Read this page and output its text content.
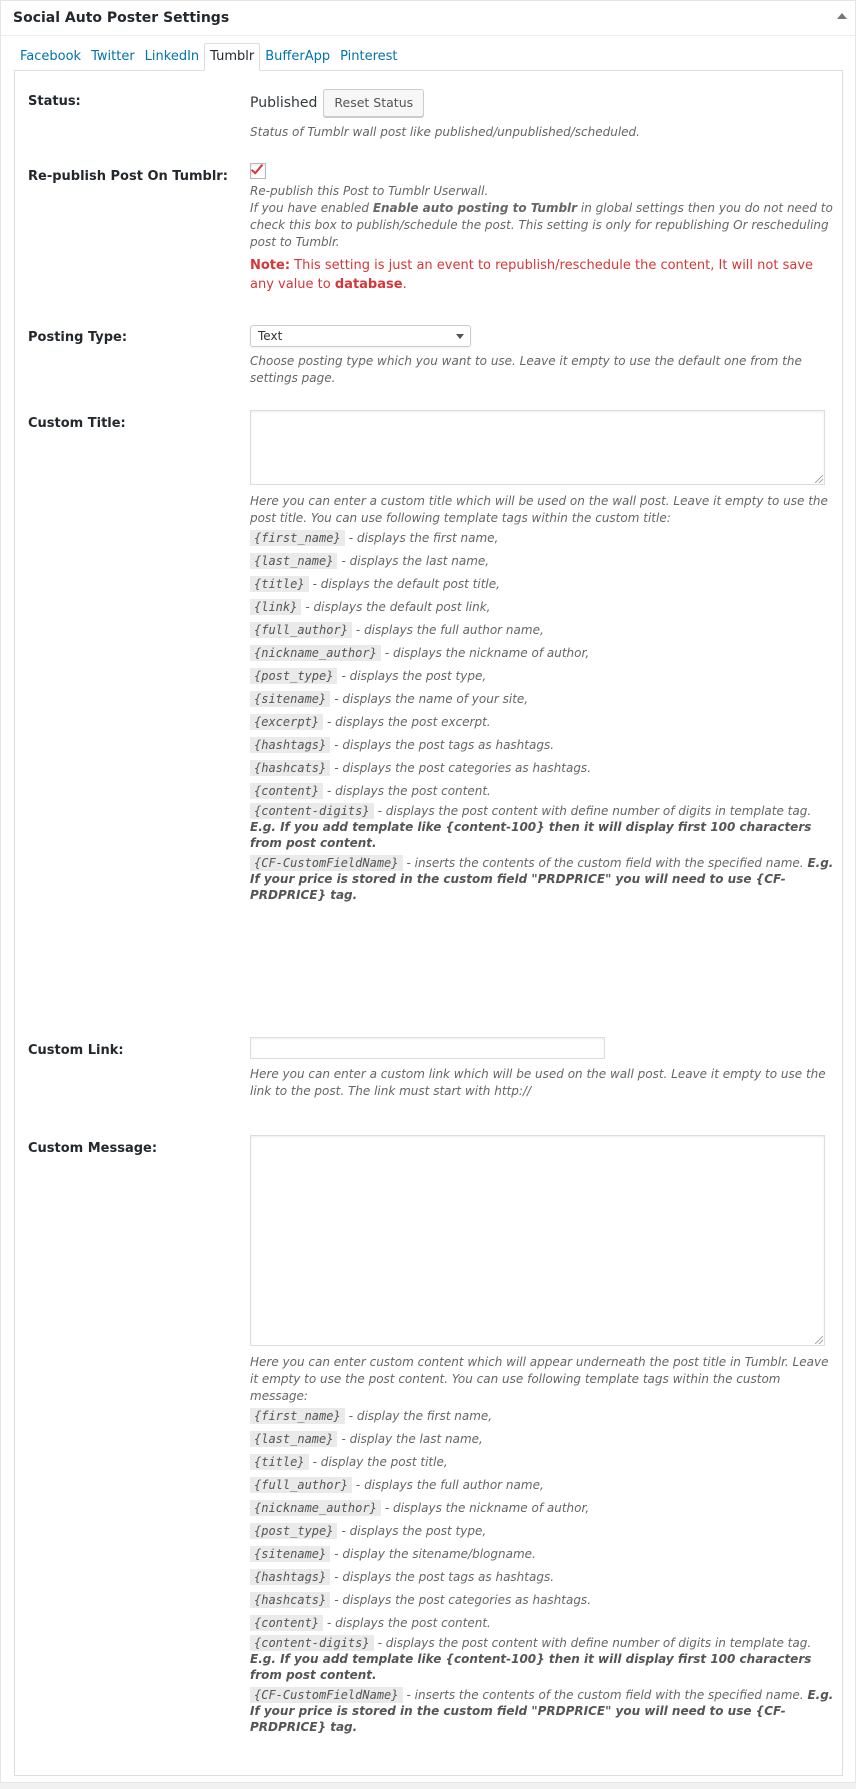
Social Auto Poster Settings
Facebook Twitter LinkedIn Tumblr BufferApp Pinterest
Status:	Published Reset Status
Status of Tumblr wall post like published/unpublished/scheduled.
Re-publish Post On Tumblr:
Re-publish this Post to Tumblr Userwall.
If you have enabled Enable auto posting to Tumblr in global settings then you do not need to check this box to publish/schedule the post. This setting is only for republishing Or rescheduling post to Tumblr.
Note: This setting is just an event to republish/reschedule the content, It will not save any value to database.
Posting Type:	Text
Choose posting type which you want to use. Leave it empty to use the default one from the settings page.
Custom Title:
Here you can enter a custom title which will be used on the wall post. Leave it empty to use the post title. You can use following template tags within the custom title:
{first_name} - displays the first name,
{last_name} - displays the last name,
{title} - displays the default post title,
{link} - displays the default post link,
{full_author} - displays the full author name,
{nickname_author} - displays the nickname of author,
{post_type} - displays the post type,
{sitename} - displays the name of your site,
{excerpt} - displays the post excerpt.
{hashtags} - displays the post tags as hashtags.
{hashcats} - displays the post categories as hashtags.
{content} - displays the post content.
{content-digits} - displays the post content with define number of digits in template tag. E.g. If you add template like {content-100} then it will display first 100 characters from post content.
{CF-CustomFieldName} - inserts the contents of the custom field with the specified name. E.g. If your price is stored in the custom field "PRDPRICE" you will need to use {CF-PRDPRICE} tag.
Custom Link:
Here you can enter a custom link which will be used on the wall post. Leave it empty to use the link to the post. The link must start with http://
Custom Message:
Here you can enter custom content which will appear underneath the post title in Tumblr. Leave it empty to use the post content. You can use following template tags within the custom message:
{first_name} - display the first name,
{last_name} - display the last name,
{title} - display the post title,
{full_author} - displays the full author name,
{nickname_author} - displays the nickname of author,
{post_type} - displays the post type,
{sitename} - display the sitename/blogname.
{hashtags} - displays the post tags as hashtags.
{hashcats} - displays the post categories as hashtags.
{content} - displays the post content.
{content-digits} - displays the post content with define number of digits in template tag. E.g. If you add template like {content-100} then it will display first 100 characters from post content.
{CF-CustomFieldName} - inserts the contents of the custom field with the specified name. E.g. If your price is stored in the custom field "PRDPRICE" you will need to use {CF-PRDPRICE} tag.
